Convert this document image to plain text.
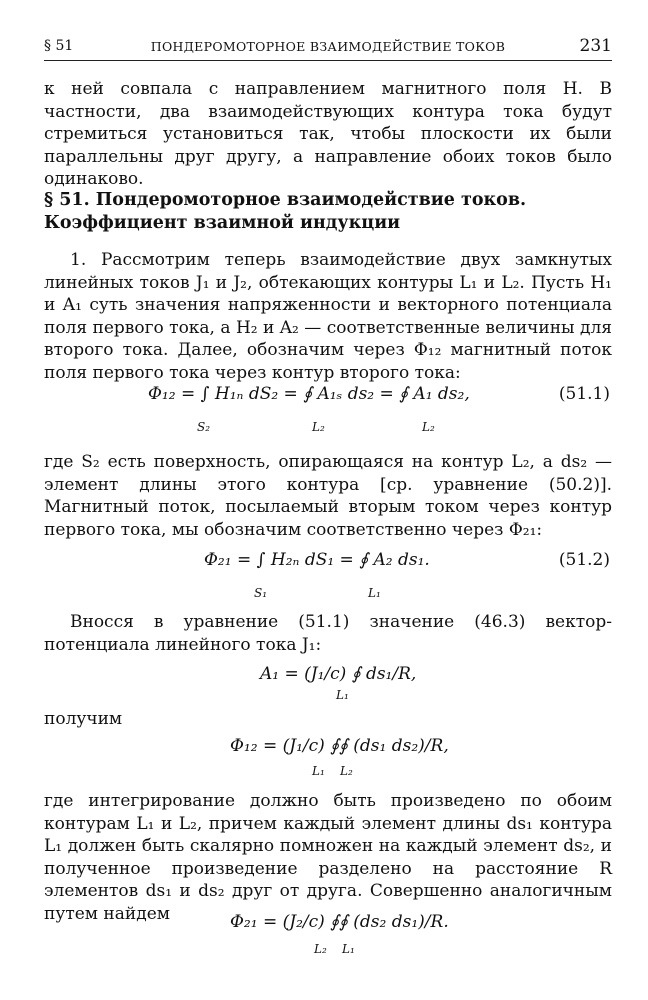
§ 51	ПОНДЕРОМОТОРНОЕ ВЗАИМОДЕЙСТВИЕ ТОКОВ	231

к ней совпала с направлением магнитного поля H. В частности, два взаимодействующих контура тока будут стремиться установиться так, чтобы плоскости их были параллельны друг другу, а направление обоих токов было одинаково.

§ 51. Пондеромоторное взаимодействие токов.
Коэффициент взаимной индукции

1. Рассмотрим теперь взаимодействие двух замкнутых линейных токов J₁ и J₂, обтекающих контуры L₁ и L₂. Пусть H₁ и A₁ суть значения напряженности и векторного потенциала поля первого тока, а H₂ и A₂ — соответственные величины для второго тока. Далее, обозначим через Φ₁₂ магнитный поток поля первого тока через контур второго тока:

Φ₁₂ = ∫ H₁ₙ dS₂ = ∮ A₁ₛ ds₂ = ∮ A₁ ds₂,
S₂	L₂	L₂
(51.1)

где S₂ есть поверхность, опирающаяся на контур L₂, а ds₂ — элемент длины этого контура [ср. уравнение (50.2)]. Магнитный поток, посылаемый вторым током через контур первого тока, мы обозначим соответственно через Φ₂₁:

Φ₂₁ = ∫ H₂ₙ dS₁ = ∮ A₂ ds₁.
S₁	L₁
(51.2)

Вносся в уравнение (51.1) значение (46.3) вектор-потенциала линейного тока J₁:

A₁ = (J₁/c) ∮ ds₁/R,
L₁

получим

Φ₁₂ = (J₁/c) ∮∮ (ds₁ ds₂)/R,
L₁ L₂

где интегрирование должно быть произведено по обоим контурам L₁ и L₂, причем каждый элемент длины ds₁ контура L₁ должен быть скалярно помножен на каждый элемент ds₂, и полученное произведение разделено на расстояние R элементов ds₁ и ds₂ друг от друга. Совершенно аналогичным путем найдем	Φ₂₁ = (J₂/c) ∮∮ (ds₂ ds₁)/R.
L₂ L₁
